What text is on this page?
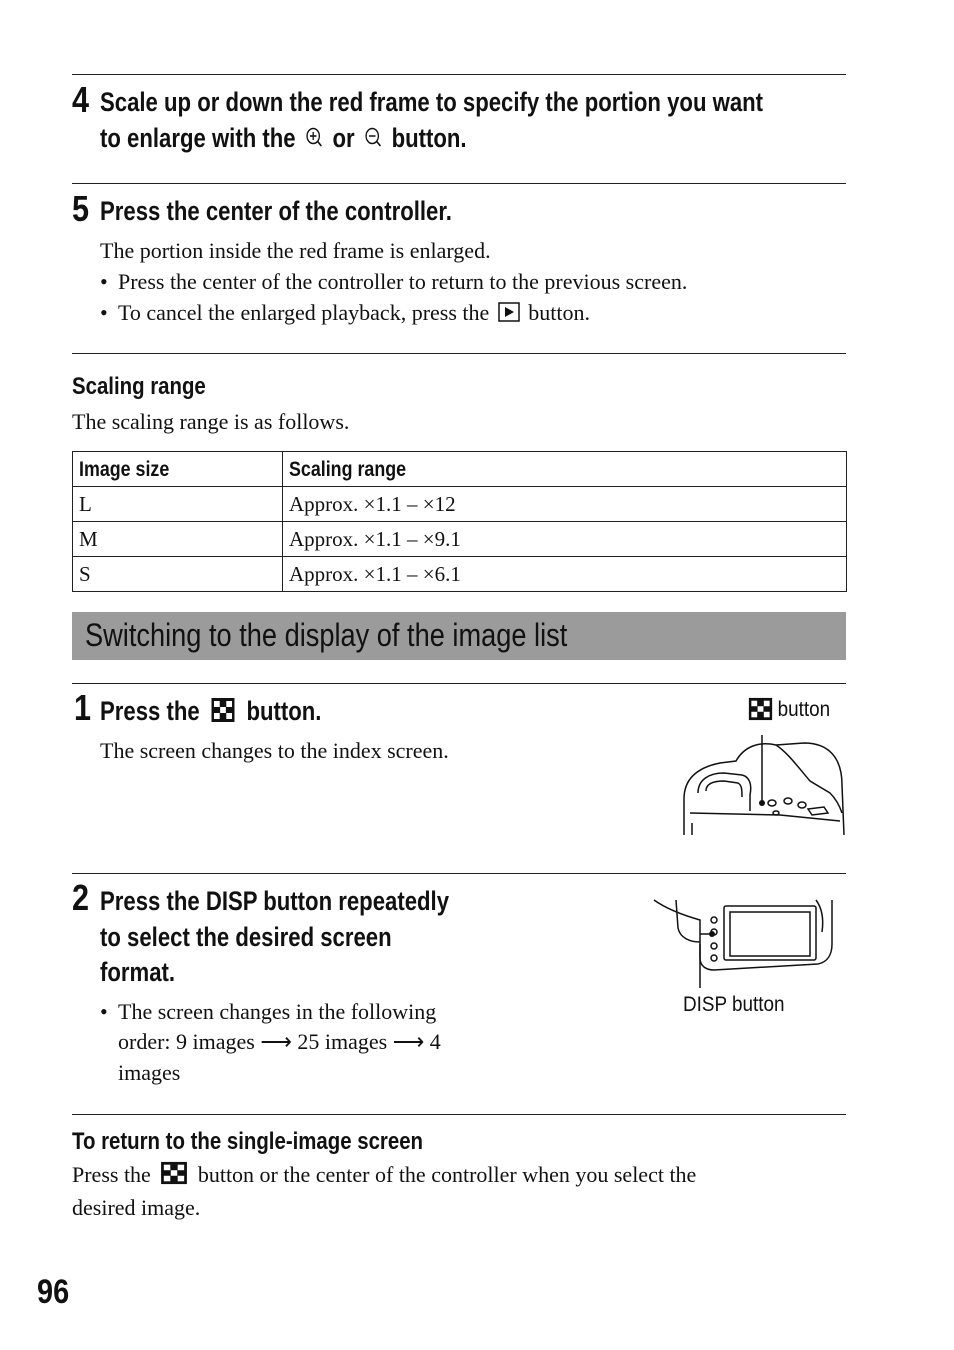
4 Scale up or down the red frame to specify the portion you want
to enlarge with the or button.
5 Press the center of the controller.
The portion inside the red frame is enlarged.
• Press the center of the controller to return to the previous screen.
• To cancel the enlarged playback, press the button.
Scaling range
The scaling range is as follows.
Image size	Scaling range
L	Approx. ×1.1 – ×12
M	Approx. ×1.1 – ×9.1
S	Approx. ×1.1 – ×6.1
Switching to the display of the image list
1 Press the button.
The screen changes to the index screen.
button
2 Press the DISP button repeatedly
to select the desired screen
format.
• The screen changes in the following
order: 9 images ⟶ 25 images ⟶ 4
images
DISP button
To return to the single-image screen
Press the button or the center of the controller when you select the
desired image.
96
